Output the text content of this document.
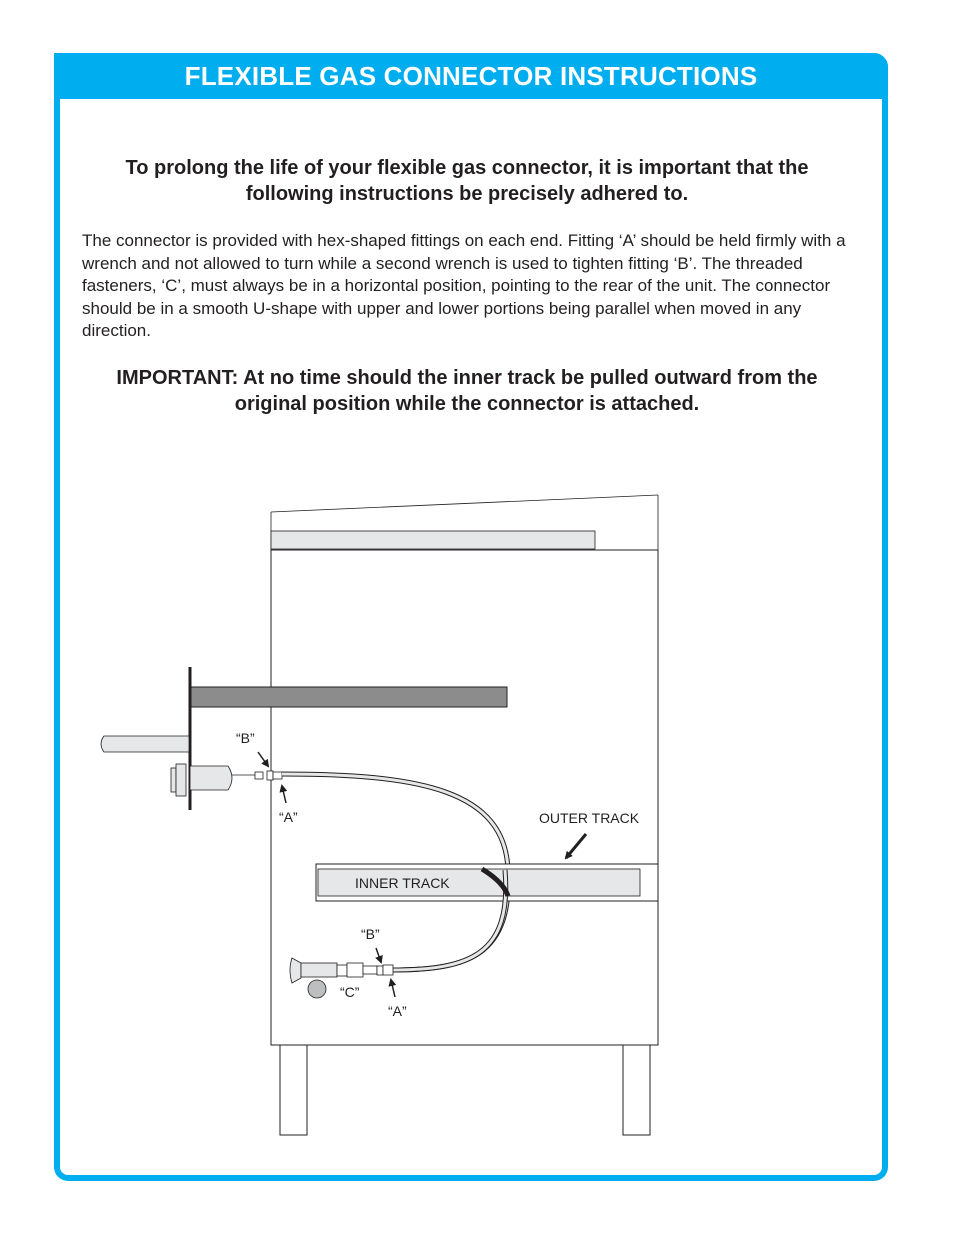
FLEXIBLE GAS CONNECTOR INSTRUCTIONS

To prolong the life of your flexible gas connector, it is important that the following instructions be precisely adhered to.

The connector is provided with hex-shaped fittings on each end. Fitting ‘A’ should be held firmly with a wrench and not allowed to turn while a second wrench is used to tighten fitting ‘B’. The threaded fasteners, ‘C’, must always be in a horizontal position, pointing to the rear of the unit. The connector should be in a smooth U-shape with upper and lower portions being parallel when moved in any direction.

IMPORTANT: At no time should the inner track be pulled outward from the original position while the connector is attached.

“B”
“A”	OUTER TRACK
INNER TRACK
“B”
“C”
“A”
